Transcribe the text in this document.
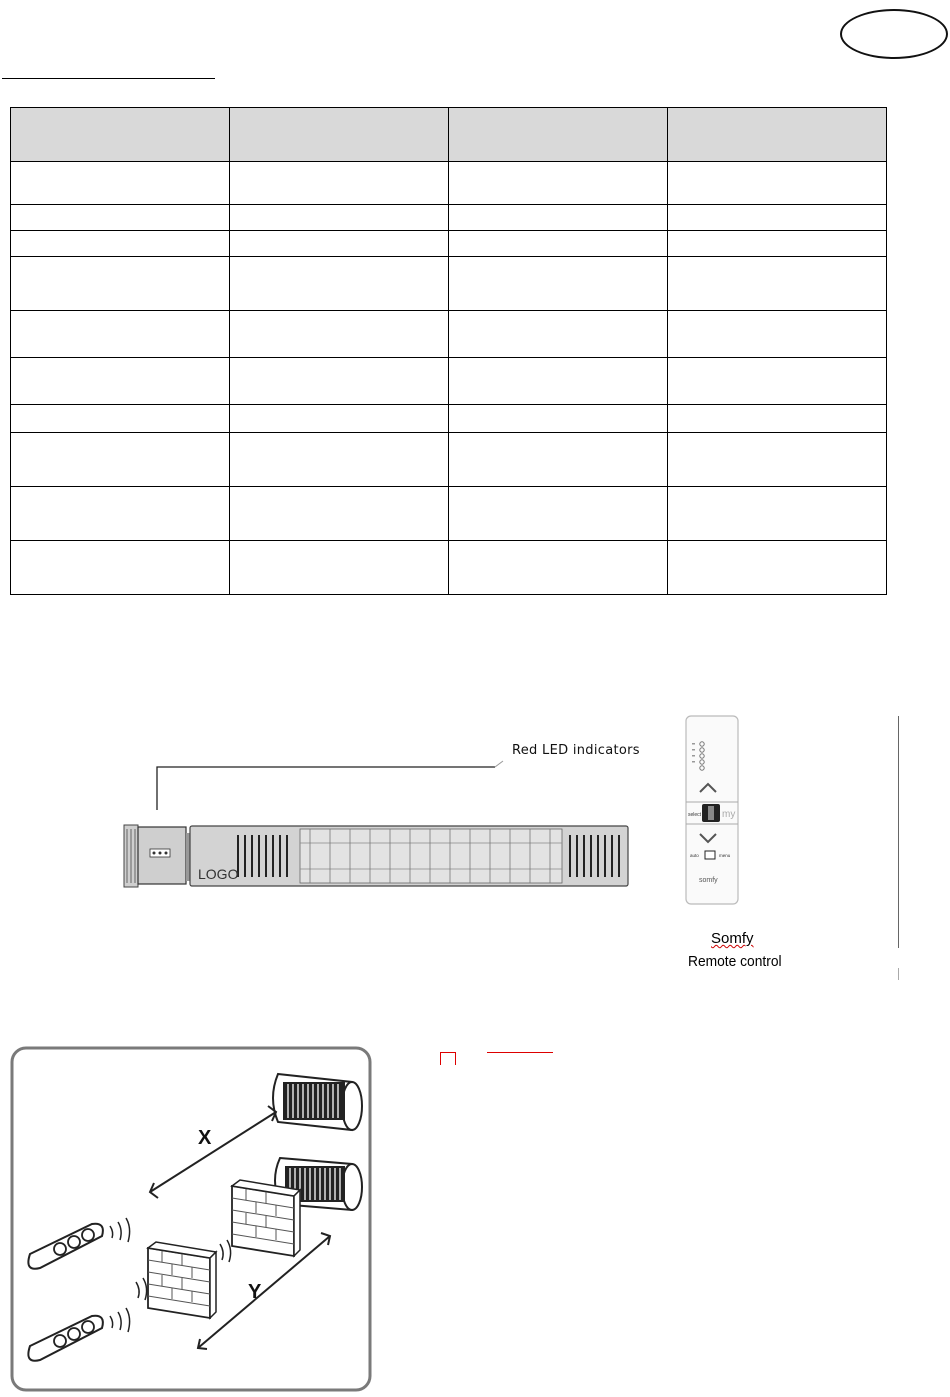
LOGO
Red LED indicators
select my
auto	menu
somfy
Somfy
Remote control
X
Y
